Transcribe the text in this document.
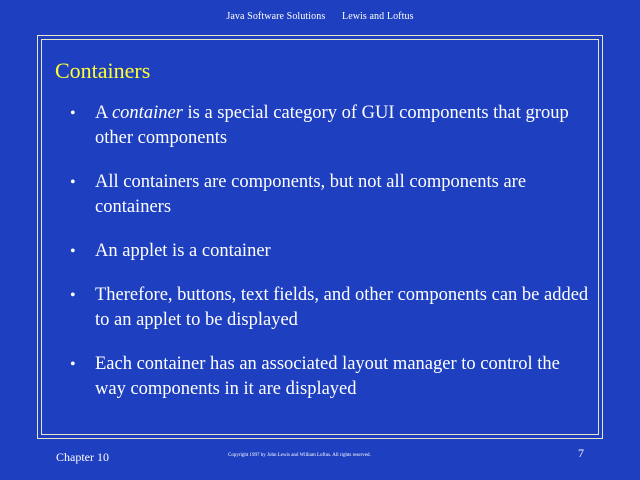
Java Software Solutions Lewis and Loftus
Containers
• A container is a special category of GUI components that group other components
• All containers are components, but not all components are containers
• An applet is a container
• Therefore, buttons, text fields, and other components can be added to an applet to be displayed
• Each container has an associated layout manager to control the way components in it are displayed
Chapter 10	Copyright 1997 by John Lewis and William Loftus. All rights reserved.	7
